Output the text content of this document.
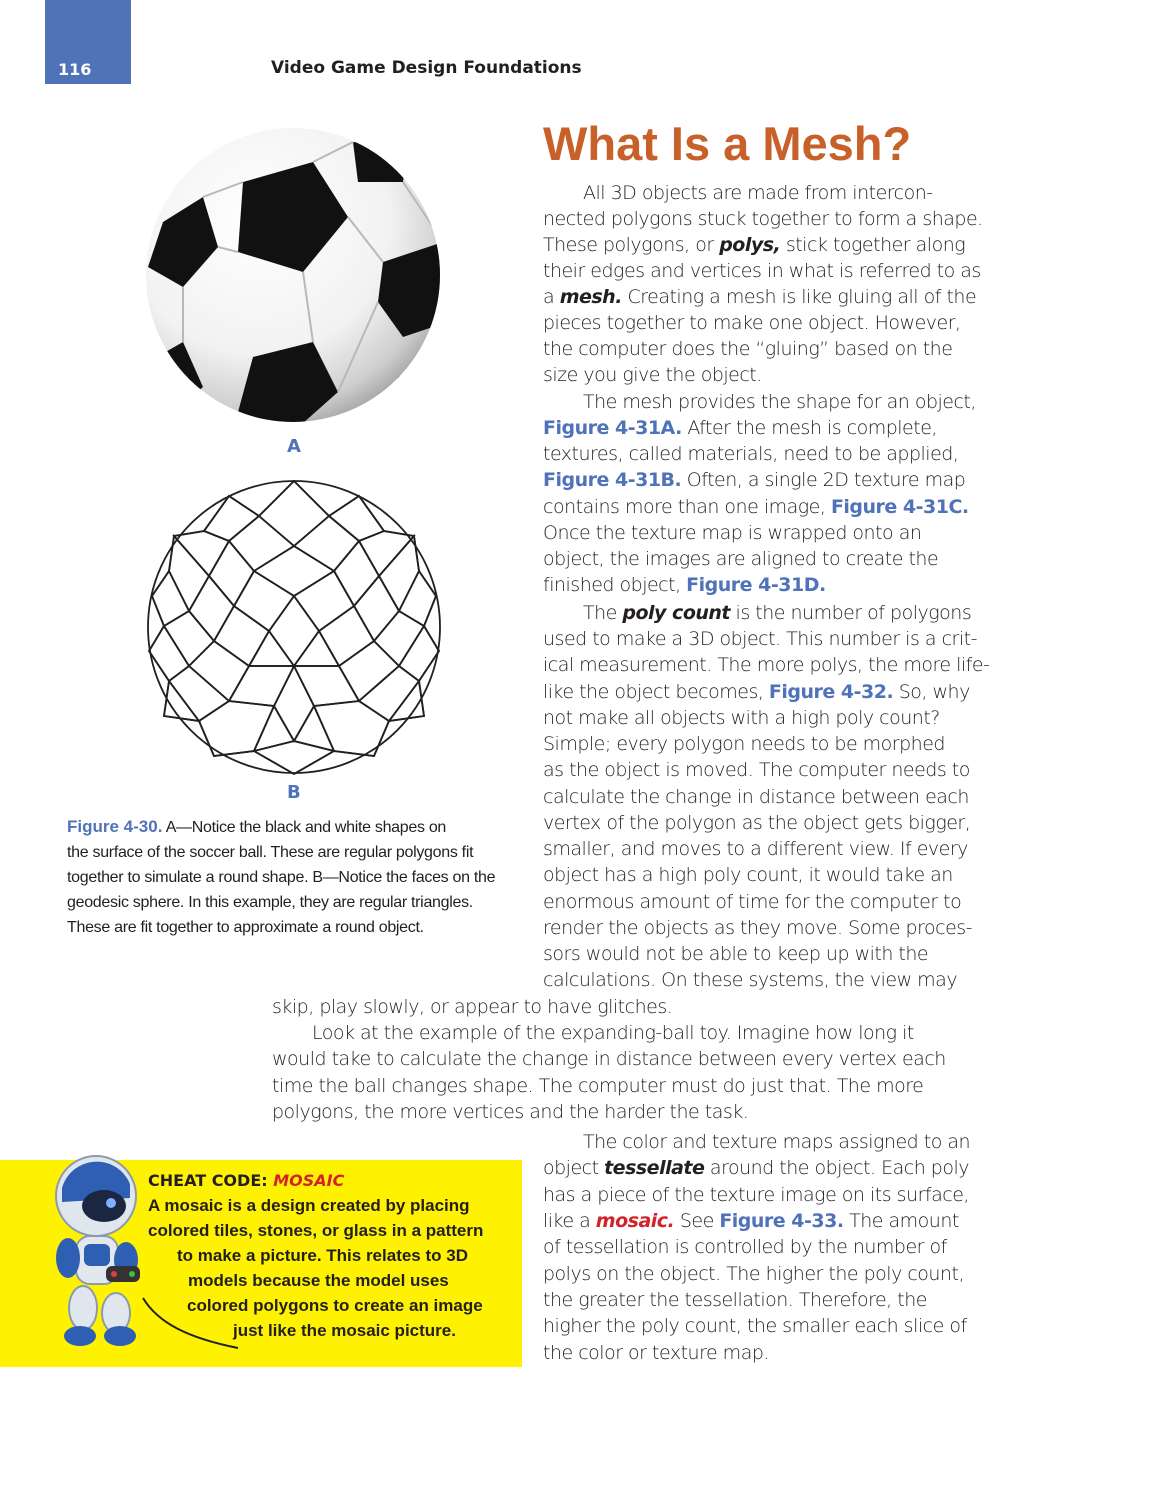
116	Video Game Design Foundations
A
B
Figure 4-30. A—Notice the black and white shapes on
the surface of the soccer ball. These are regular polygons fit
together to simulate a round shape. B—Notice the faces on the
geodesic sphere. In this example, they are regular triangles.
These are fit together to approximate a round object.
What Is a Mesh?
All 3D objects are made from intercon-
nected polygons stuck together to form a shape.
These polygons, or polys, stick together along
their edges and vertices in what is referred to as
a mesh. Creating a mesh is like gluing all of the
pieces together to make one object. However,
the computer does the “gluing” based on the
size you give the object.
The mesh provides the shape for an object,
Figure 4-31A. After the mesh is complete,
textures, called materials, need to be applied,
Figure 4-31B. Often, a single 2D texture map
contains more than one image, Figure 4-31C.
Once the texture map is wrapped onto an
object, the images are aligned to create the
finished object, Figure 4-31D.
The poly count is the number of polygons
used to make a 3D object. This number is a crit-
ical measurement. The more polys, the more life-
like the object becomes, Figure 4-32. So, why
not make all objects with a high poly count?
Simple; every polygon needs to be morphed
as the object is moved. The computer needs to
calculate the change in distance between each
vertex of the polygon as the object gets bigger,
smaller, and moves to a different view. If every
object has a high poly count, it would take an
enormous amount of time for the computer to
render the objects as they move. Some proces-
sors would not be able to keep up with the
calculations. On these systems, the view may
skip, play slowly, or appear to have glitches.
Look at the example of the expanding-ball toy. Imagine how long it
would take to calculate the change in distance between every vertex each
time the ball changes shape. The computer must do just that. The more
polygons, the more vertices and the harder the task.
The color and texture maps assigned to an
object tessellate around the object. Each poly
has a piece of the texture image on its surface,
like a mosaic. See Figure 4-33. The amount
of tessellation is controlled by the number of
polys on the object. The higher the poly count,
the greater the tessellation. Therefore, the
higher the poly count, the smaller each slice of
the color or texture map.
CHEAT CODE: MOSAIC
A mosaic is a design created by placing
colored tiles, stones, or glass in a pattern
to make a picture. This relates to 3D
models because the model uses
colored polygons to create an image
just like the mosaic picture.
